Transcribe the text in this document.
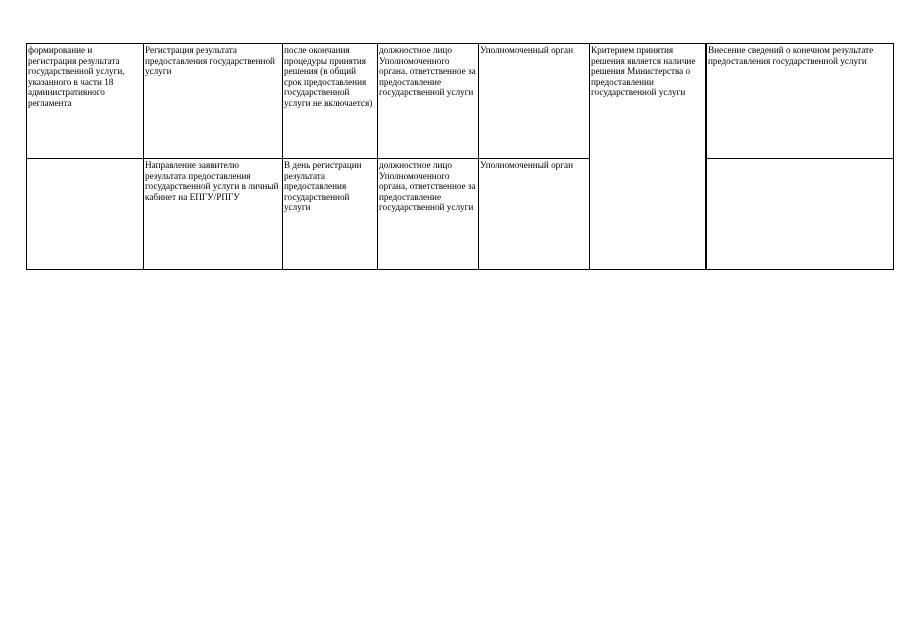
формирование и регистрация результата государственной услуги, указанного в части 18 административного регламента	Регистрация результата предоставления государственной услуги	после окончания процедуры принятия решения (в общий срок предоставления государственной услуги не включается)	должностное лицо Уполномоченного органа, ответственное за предоставление государственной услуги	Уполномоченный орган	Критерием принятия решения является наличие решения Министерства о предоставлении государственной услуги	Внесение сведений о конечном результате предоставления государственной услуги

	Направление заявителю результата предоставления государственной услуги в личный кабинет на ЕПГУ/РПГУ	В день регистрации результата предоставления государственной услуги	должностное лицо Уполномоченного органа, ответственное за предоставление государственной услуги	Уполномоченный орган		
